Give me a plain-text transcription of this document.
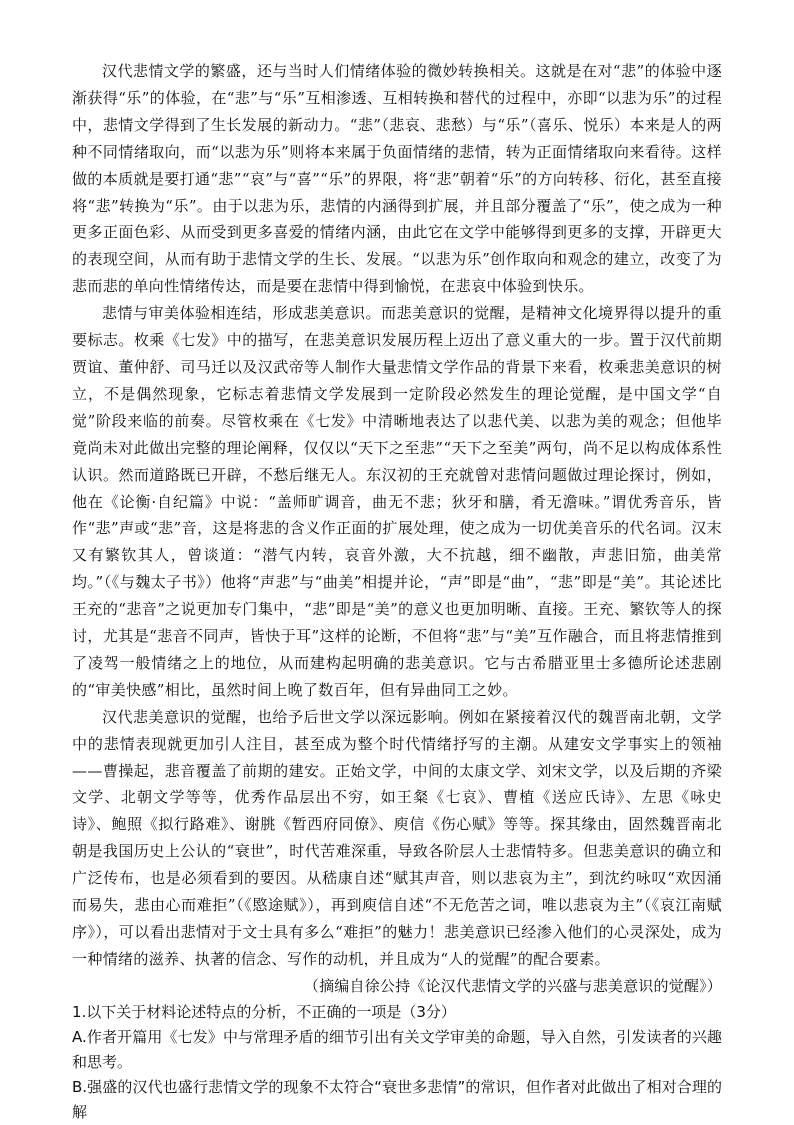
汉代悲情文学的繁盛，还与当时人们情绪体验的微妙转换相关。这就是在对“悲”的体验中逐渐获得“乐”的体验，在“悲”与“乐”互相渗透、互相转换和替代的过程中，亦即“以悲为乐”的过程中，悲情文学得到了生长发展的新动力。“悲”（悲哀、悲愁）与“乐”（喜乐、悦乐）本来是人的两种不同情绪取向，而“以悲为乐”则将本来属于负面情绪的悲情，转为正面情绪取向来看待。这样做的本质就是要打通“悲”“哀”与“喜”“乐”的界限，将“悲”朝着“乐”的方向转移、衍化，甚至直接将“悲”转换为“乐”。由于以悲为乐，悲情的内涵得到扩展，并且部分覆盖了“乐”，使之成为一种更多正面色彩、从而受到更多喜爱的情绪内涵，由此它在文学中能够得到更多的支撑，开辟更大的表现空间，从而有助于悲情文学的生长、发展。“以悲为乐”创作取向和观念的建立，改变了为悲而悲的单向性情绪传达，而是要在悲情中得到愉悦，在悲哀中体验到快乐。

悲情与审美体验相连结，形成悲美意识。而悲美意识的觉醒，是精神文化境界得以提升的重要标志。枚乘《七发》中的描写，在悲美意识发展历程上迈出了意义重大的一步。置于汉代前期贾谊、董仲舒、司马迁以及汉武帝等人制作大量悲情文学作品的背景下来看，枚乘悲美意识的树立，不是偶然现象，它标志着悲情文学发展到一定阶段必然发生的理论觉醒，是中国文学“自觉”阶段来临的前奏。尽管枚乘在《七发》中清晰地表达了以悲代美、以悲为美的观念；但他毕竟尚未对此做出完整的理论阐释，仅仅以“天下之至悲”“天下之至美”两句，尚不足以构成体系性认识。然而道路既已开辟，不愁后继无人。东汉初的王充就曾对悲情问题做过理论探讨，例如，他在《论衡·自纪篇》中说：“盖师旷调音，曲无不悲；狄牙和膳，肴无澹味。”谓优秀音乐，皆作“悲”声或“悲”音，这是将悲的含义作正面的扩展处理，使之成为一切优美音乐的代名词。汉末又有繁钦其人，曾谈道：“潜气内转，哀音外激，大不抗越，细不幽散，声悲旧笳，曲美常均。”（《与魏太子书》）他将“声悲”与“曲美”相提并论，“声”即是“曲”，“悲”即是“美”。其论述比王充的“悲音”之说更加专门集中，“悲”即是“美”的意义也更加明晰、直接。王充、繁钦等人的探讨，尤其是“悲音不同声，皆快于耳”这样的论断，不但将“悲”与“美”互作融合，而且将悲情推到了凌驾一般情绪之上的地位，从而建构起明确的悲美意识。它与古希腊亚里士多德所论述悲剧的“审美快感”相比，虽然时间上晚了数百年，但有异曲同工之妙。

汉代悲美意识的觉醒，也给予后世文学以深远影响。例如在紧接着汉代的魏晋南北朝，文学中的悲情表现就更加引人注目，甚至成为整个时代情绪抒写的主潮。从建安文学事实上的领袖——曹操起，悲音覆盖了前期的建安。正始文学，中间的太康文学、刘宋文学，以及后期的齐梁文学、北朝文学等等，优秀作品层出不穷，如王粲《七哀》、曹植《送应氏诗》、左思《咏史诗》、鲍照《拟行路难》、谢朓《暂西府同僚》、庾信《伤心赋》等等。探其缘由，固然魏晋南北朝是我国历史上公认的“衰世”，时代苦难深重，导致各阶层人士悲情特多。但悲美意识的确立和广泛传布，也是必须看到的要因。从嵇康自述“赋其声音，则以悲哀为主”，到沈约咏叹“欢因涌而易失，悲由心而难拒”（《愍途赋》），再到庾信自述“不无危苦之词，唯以悲哀为主”（《哀江南赋序》），可以看出悲情对于文士具有多么“难拒”的魅力！悲美意识已经渗入他们的心灵深处，成为一种情绪的滋养、执著的信念、写作的动机，并且成为“人的觉醒”的配合要素。

（摘编自徐公持《论汉代悲情文学的兴盛与悲美意识的觉醒》）

1.以下关于材料论述特点的分析，不正确的一项是（3分）

A.作者开篇用《七发》中与常理矛盾的细节引出有关文学审美的命题，导入自然，引发读者的兴趣和思考。

B.强盛的汉代也盛行悲情文学的现象不太符合“衰世多悲情”的常识，但作者对此做出了相对合理的解
